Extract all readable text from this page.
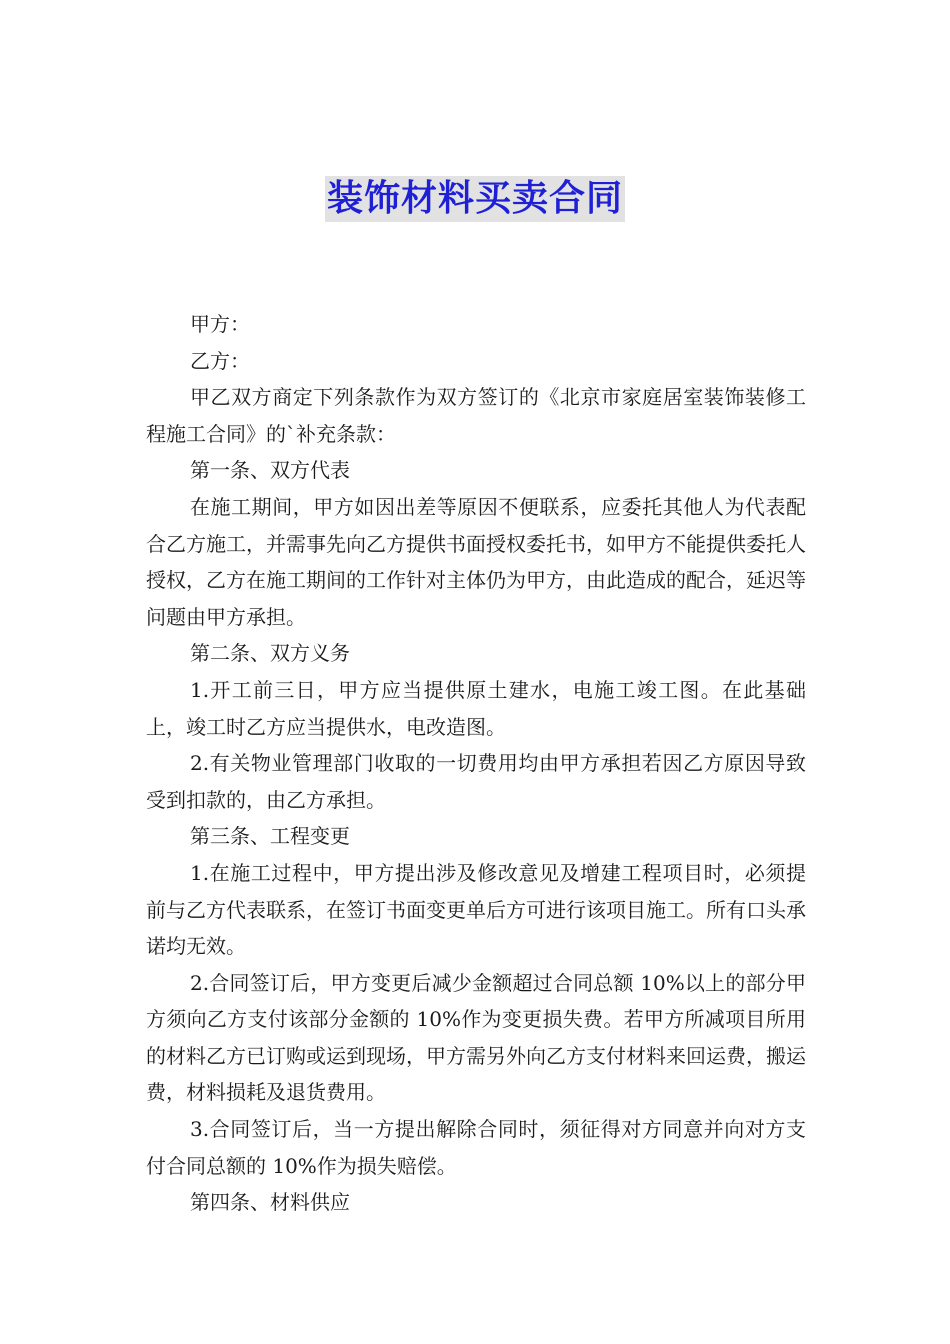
装饰材料买卖合同

甲方：

乙方：

甲乙双方商定下列条款作为双方签订的《北京市家庭居室装饰装修工程施工合同》的`补充条款：

第一条、双方代表

在施工期间，甲方如因出差等原因不便联系，应委托其他人为代表配合乙方施工，并需事先向乙方提供书面授权委托书，如甲方不能提供委托人授权，乙方在施工期间的工作针对主体仍为甲方，由此造成的配合，延迟等问题由甲方承担。

第二条、双方义务

1.开工前三日，甲方应当提供原土建水，电施工竣工图。在此基础上，竣工时乙方应当提供水，电改造图。

2.有关物业管理部门收取的一切费用均由甲方承担若因乙方原因导致受到扣款的，由乙方承担。

第三条、工程变更

1.在施工过程中，甲方提出涉及修改意见及增建工程项目时，必须提前与乙方代表联系，在签订书面变更单后方可进行该项目施工。所有口头承诺均无效。

2.合同签订后，甲方变更后减少金额超过合同总额 10%以上的部分甲方须向乙方支付该部分金额的 10%作为变更损失费。若甲方所减项目所用的材料乙方已订购或运到现场，甲方需另外向乙方支付材料来回运费，搬运费，材料损耗及退货费用。

3.合同签订后，当一方提出解除合同时，须征得对方同意并向对方支付合同总额的 10%作为损失赔偿。

第四条、材料供应
